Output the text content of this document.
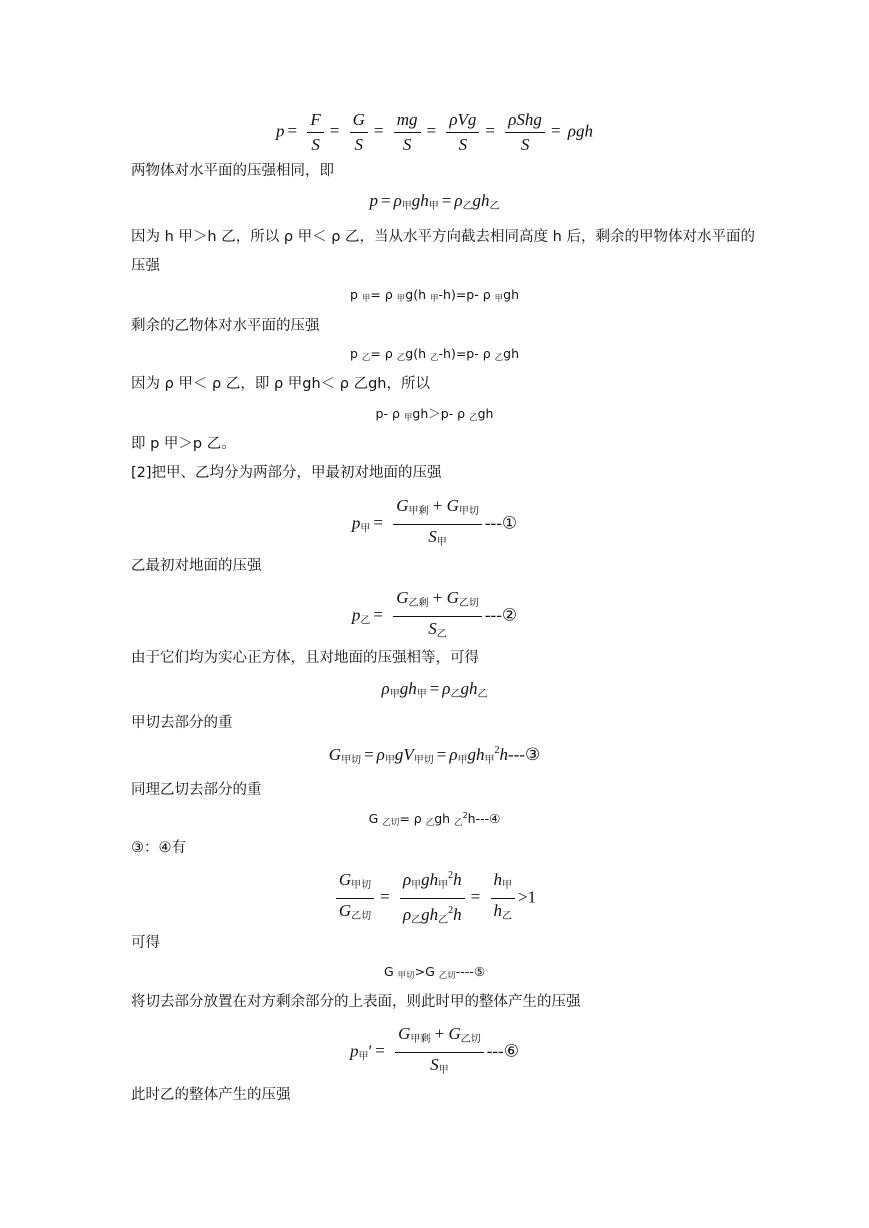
$p = \frac{F}{S} = \frac{G}{S} = \frac{mg}{S} = \frac{\text{ρVg}}{S} = \frac{\text{ρShg}}{S} = \rho gh$
两物体对水平面的压强相同，即
$p = \rho_甲gh_甲 = \rho_乙gh_乙$
因为 h 甲＞h 乙，所以 ρ 甲＜ ρ 乙，当从水平方向截去相同高度 h 后，剩余的甲物体对水平面的
压强
p 甲= ρ 甲g(h 甲-h)=p- ρ 甲gh
剩余的乙物体对水平面的压强
p 乙= ρ 乙g(h 乙-h)=p- ρ 乙gh
因为 ρ 甲＜ ρ 乙，即 ρ 甲gh＜ ρ 乙gh，所以
p- ρ 甲gh＞p- ρ 乙gh
即 p 甲＞p 乙。
[2]把甲、乙均分为两部分，甲最初对地面的压强
$p_甲 = \frac{G_{甲剩} + G_{甲切}}{S_甲}$ ---①
乙最初对地面的压强
$p_乙 = \frac{G_{乙剩} + G_{乙切}}{S_乙}$ ---②
由于它们均为实心正方体，且对地面的压强相等，可得
$\rho_甲gh_甲 = \rho_乙gh_乙$
甲切去部分的重
$G_{甲切} = \rho_甲gV_{甲切}$ = $\rho_甲gh_甲^2h---③$
同理乙切去部分的重
G 乙切= ρ 乙gh 乙$^2$h---④
③：④有
$\frac{G_{甲切}}{G_{乙切}} = \frac{\rho_甲gh_甲^2h}{\rho_乙gh_乙^2h} = \frac{h_甲}{h_乙} >1$
可得
G 甲切>G 乙切----⑤
将切去部分放置在对方剩余部分的上表面，则此时甲的整体产生的压强
$p_甲' = \frac{G_{甲剩} + G_{乙切}}{S_甲}$ ---⑥
此时乙的整体产生的压强
